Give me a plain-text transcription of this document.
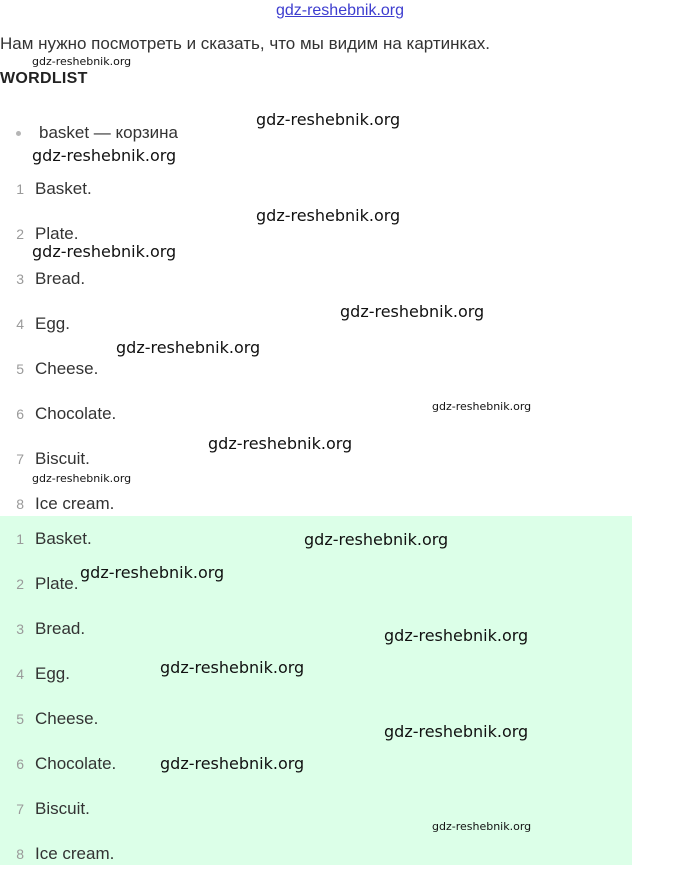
gdz-reshebnik.org
Нам нужно посмотреть и сказать, что мы видим на картинках.
WORDLIST
basket — корзина
1 Basket.
2 Plate.
3 Bread.
4 Egg.
5 Cheese.
6 Chocolate.
7 Biscuit.
8 Ice cream.
1 Basket.
2 Plate.
3 Bread.
4 Egg.
5 Cheese.
6 Chocolate.
7 Biscuit.
8 Ice cream.
gdz-reshebnik.org
gdz-reshebnik.org
gdz-reshebnik.org
gdz-reshebnik.org
gdz-reshebnik.org
gdz-reshebnik.org
gdz-reshebnik.org
gdz-reshebnik.org
gdz-reshebnik.org
gdz-reshebnik.org
gdz-reshebnik.org
gdz-reshebnik.org
gdz-reshebnik.org
gdz-reshebnik.org
gdz-reshebnik.org
gdz-reshebnik.org
gdz-reshebnik.org
